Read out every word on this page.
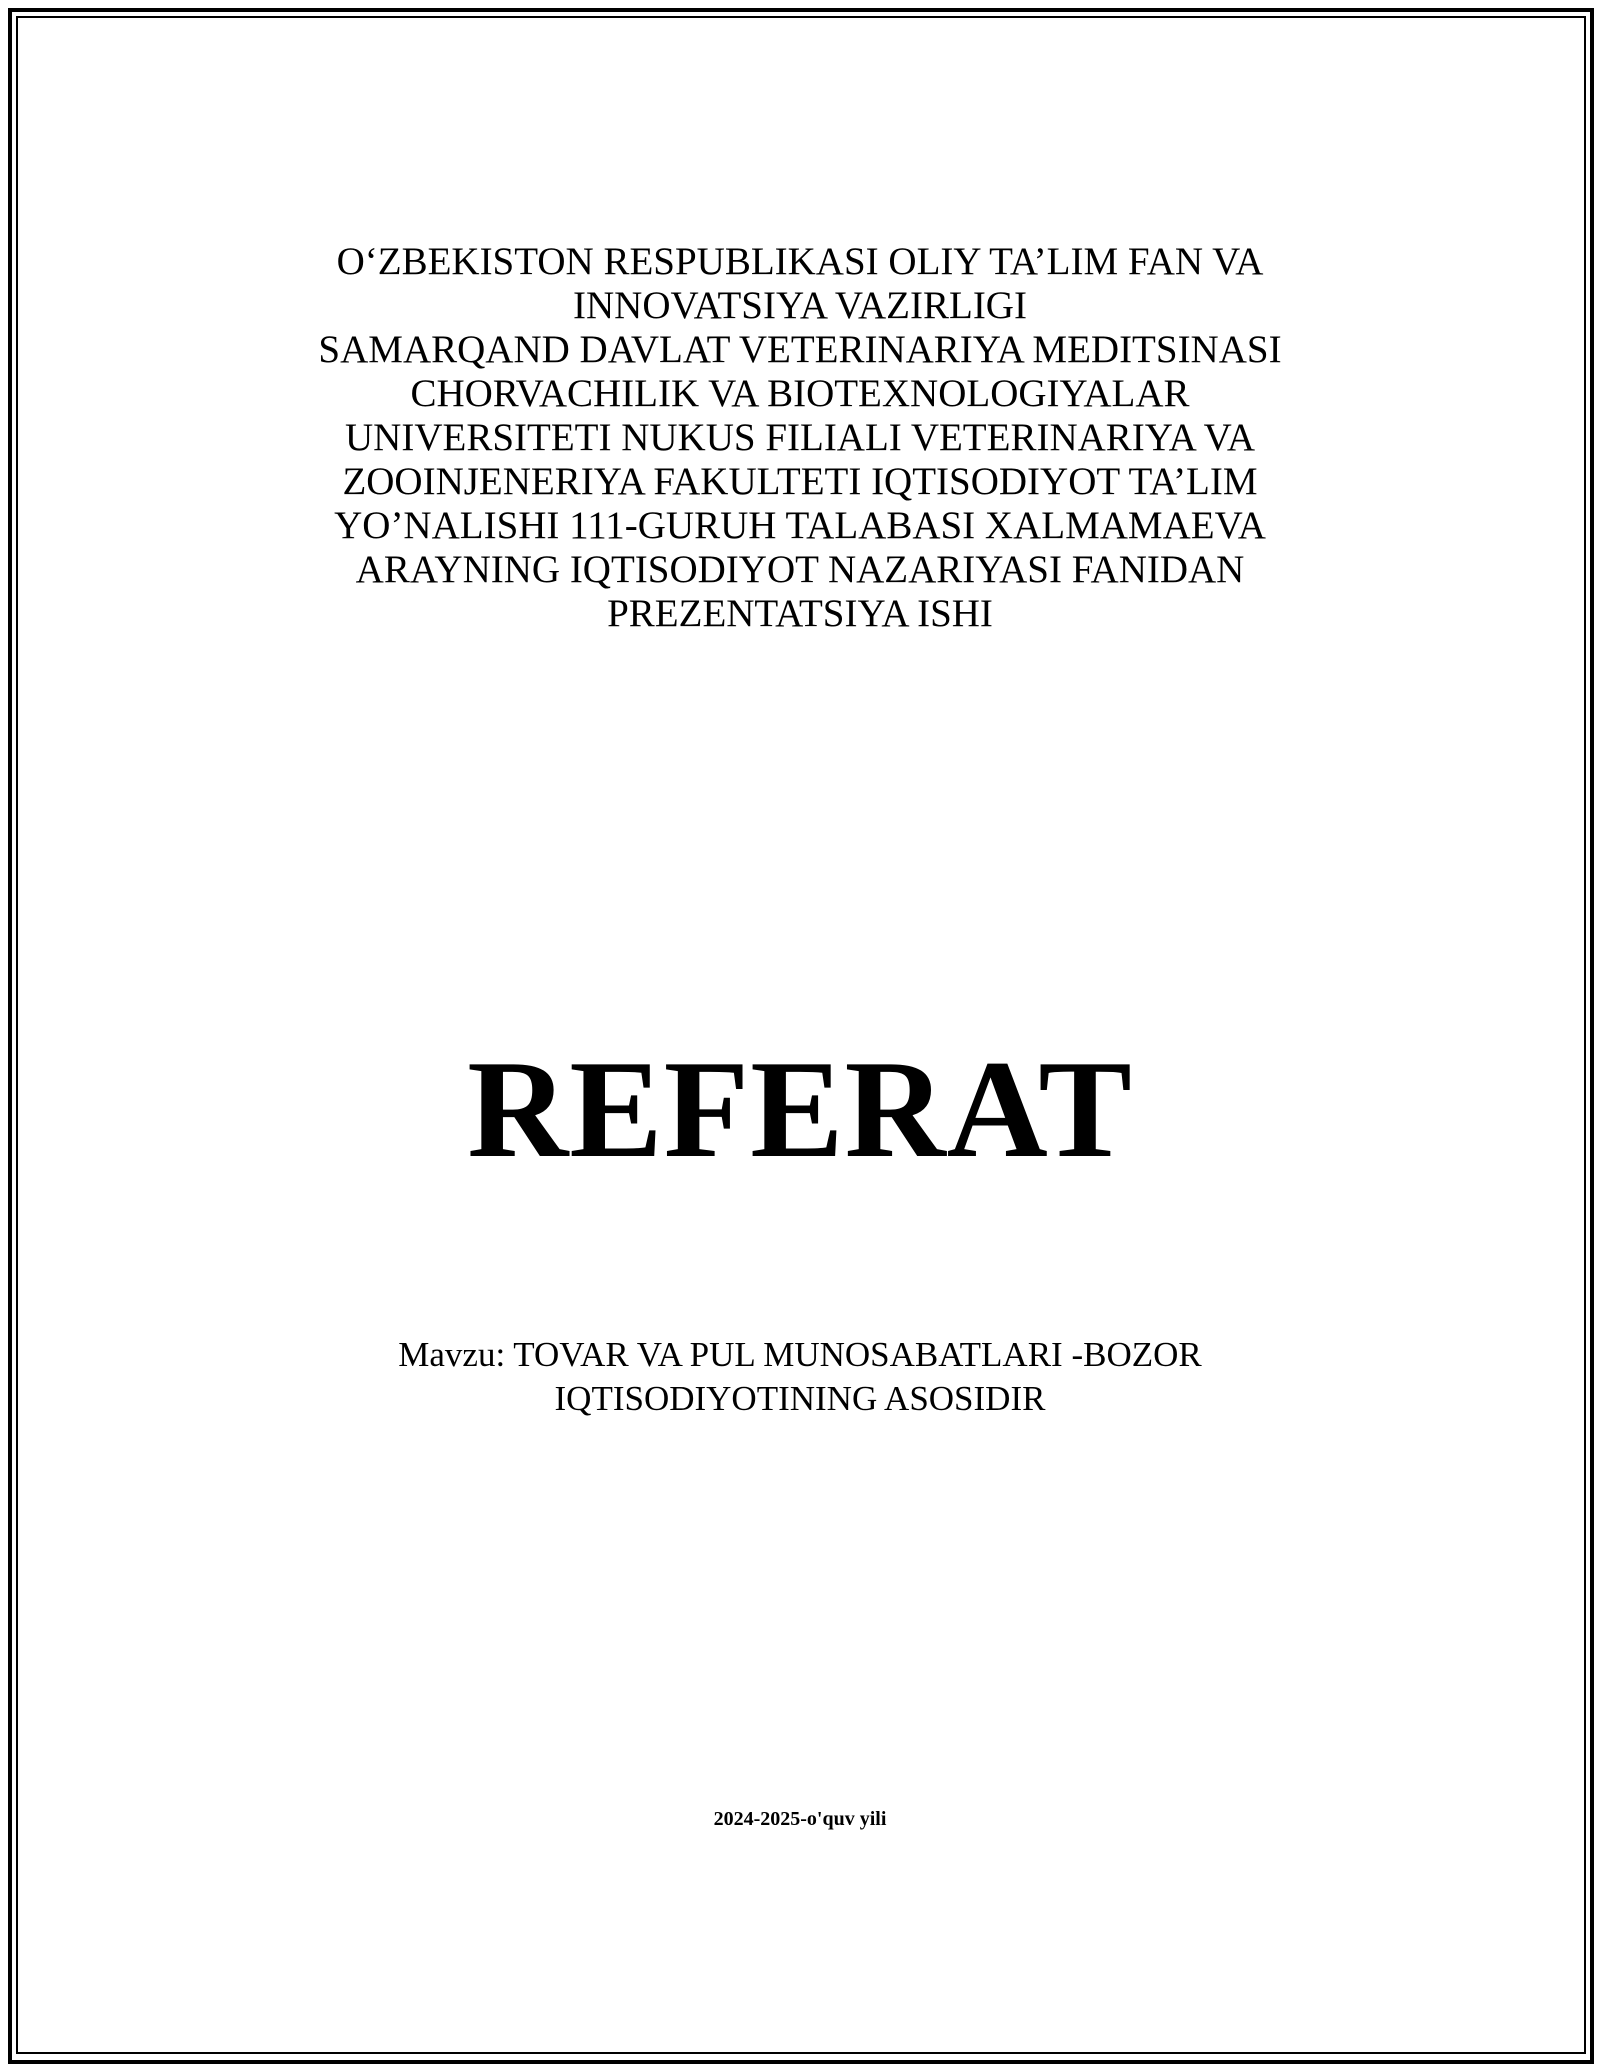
O‘ZBEKISTON RESPUBLIKASI OLIY TA’LIM FAN VA
INNOVATSIYA VAZIRLIGI
SAMARQAND DAVLAT VETERINARIYA MEDITSINASI
CHORVACHILIK VA BIOTEXNOLOGIYALAR
UNIVERSITETI NUKUS FILIALI VETERINARIYA VA
ZOOINJENERIYA FAKULTETI IQTISODIYOT TA’LIM
YO’NALISHI 111-GURUH TALABASI XALMAMAEVA
ARAYNING IQTISODIYOT NAZARIYASI FANIDAN
PREZENTATSIYA ISHI
REFERAT
Mavzu: TOVAR VA PUL MUNOSABATLARI -BOZOR
IQTISODIYOTINING ASOSIDIR
2024-2025-o'quv yili
